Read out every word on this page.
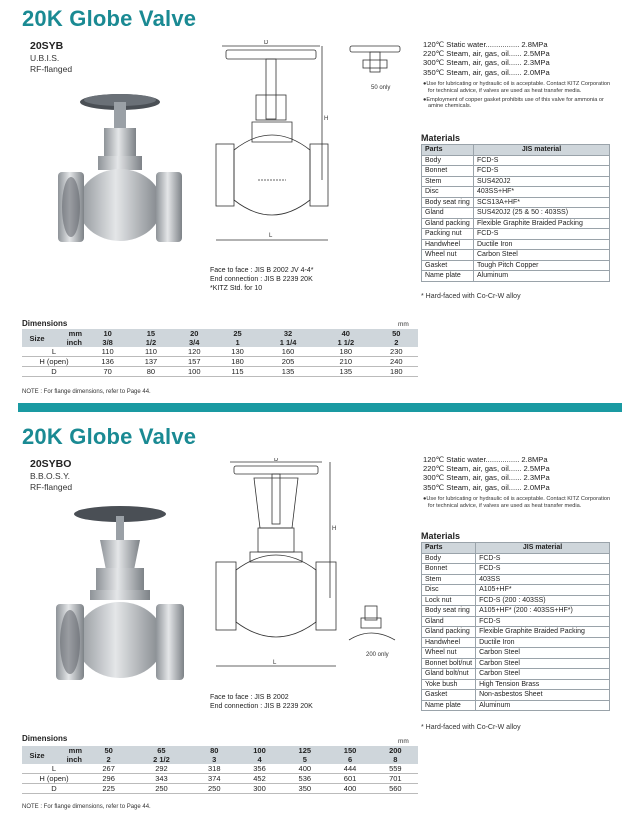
20K Globe Valve
20SYB
U.B.I.S.
RF-flanged
D
L
H
50 only
Face to face : JIS B 2002 JV 4-4*
End connection : JIS B 2239 20K
*KITZ Std. for 10
120℃ Static water................ 2.8MPa
220℃ Steam, air, gas, oil...... 2.5MPa
300℃ Steam, air, gas, oil...... 2.3MPa
350℃ Steam, air, gas, oil...... 2.0MPa

●Use for lubricating or hydraulic oil is acceptable. Contact KITZ Corporation for technical advice, if valves are used as heat transfer media.

●Employment of copper gasket prohibits use of this valve for ammonia or amine chemicals.

Materials
Parts	JIS material
Body	FCD-S
Bonnet	FCD-S
Stem	SUS420J2
Disc	403SS+HF*
Body seat ring	SCS13A+HF*
Gland	SUS420J2 (25 & 50 : 403SS)
Gland packing	Flexible Graphite Braided Packing
Packing nut	FCD-S
Handwheel	Ductile Iron
Wheel nut	Carbon Steel
Gasket	Tough Pitch Copper
Name plate	Aluminum
* Hard-faced with Co-Cr-W alloy
Dimensions	mm
Size	mm	10	15	20	25	32	40	50	
	inch	3/8	1/2	3/4	1	1 1/4	1 1/2	2	
L		110	110	120	130	160	180	230	
H (open)		136	137	157	180	205	210	240	
D		70	80	100	115	135	135	180	
NOTE : For flange dimensions, refer to Page 44.
20K Globe Valve
20SYBO
B.B.O.S.Y.
RF-flanged
D
L
H
200 only
Face to face : JIS B 2002
End connection : JIS B 2239 20K
120℃ Static water................ 2.8MPa
220℃ Steam, air, gas, oil...... 2.5MPa
300℃ Steam, air, gas, oil...... 2.3MPa
350℃ Steam, air, gas, oil...... 2.0MPa

●Use for lubricating or hydraulic oil is acceptable. Contact KITZ Corporation for technical advice, if valves are used as heat transfer media.

Materials
Parts	JIS material
Body	FCD-S
Bonnet	FCD-S
Stem	403SS
Disc	A105+HF*
Lock nut	FCD-S (200 : 403SS)
Body seat ring	A105+HF* (200 : 403SS+HF*)
Gland	FCD-S
Gland packing	Flexible Graphite Braided Packing
Handwheel	Ductile Iron
Wheel nut	Carbon Steel
Bonnet bolt/nut	Carbon Steel
Gland bolt/nut	Carbon Steel
Yoke bush	High Tension Brass
Gasket	Non-asbestos Sheet
Name plate	Aluminum
* Hard-faced with Co-Cr-W alloy
Dimensions	mm
Size	mm	50	65	80	100	125	150	200	
	inch	2	2 1/2	3	4	5	6	8	
L		267	292	318	356	400	444	559	
H (open)		296	343	374	452	536	601	701	
D		225	250	250	300	350	400	560	
NOTE : For flange dimensions, refer to Page 44.
